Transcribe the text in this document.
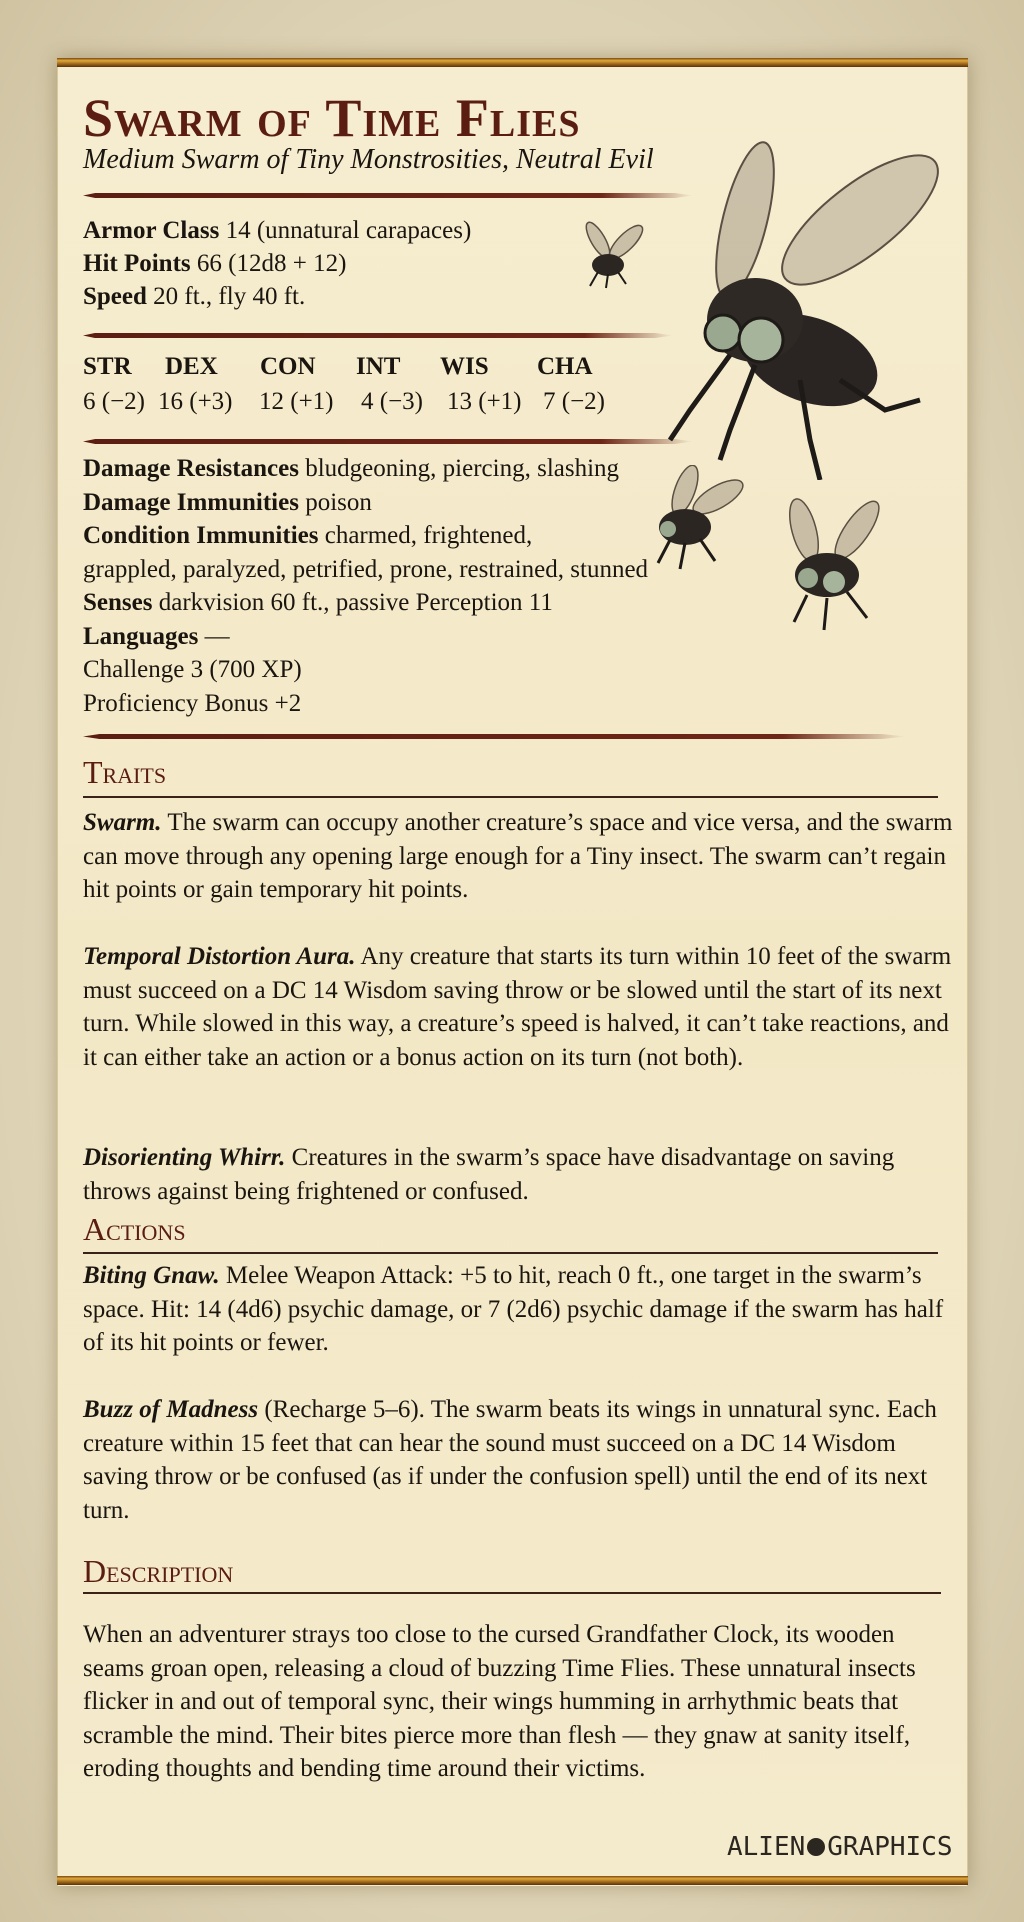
Swarm of Time Flies
Medium Swarm of Tiny Monstrosities, Neutral Evil
Armor Class 14 (unnatural carapaces)
Hit Points 66 (12d8 + 12)
Speed 20 ft., fly 40 ft.
STR DEX CON INT WIS CHA
6 (−2) 16 (+3) 12 (+1) 4 (−3) 13 (+1) 7 (−2)
Damage Resistances bludgeoning, piercing, slashing
Damage Immunities poison
Condition Immunities charmed, frightened,
grappled, paralyzed, petrified, prone, restrained, stunned
Senses darkvision 60 ft., passive Perception 11
Languages —
Challenge 3 (700 XP)
Proficiency Bonus +2
Traits
Swarm. The swarm can occupy another creature’s space and vice versa, and the swarm can move through any opening large enough for a Tiny insect. The swarm can’t regain hit points or gain temporary hit points.
Temporal Distortion Aura. Any creature that starts its turn within 10 feet of the swarm must succeed on a DC 14 Wisdom saving throw or be slowed until the start of its next turn. While slowed in this way, a creature’s speed is halved, it can’t take reactions, and it can either take an action or a bonus action on its turn (not both).
Disorienting Whirr. Creatures in the swarm’s space have disadvantage on saving throws against being frightened or confused.
Actions
Biting Gnaw. Melee Weapon Attack: +5 to hit, reach 0 ft., one target in the swarm’s space. Hit: 14 (4d6) psychic damage, or 7 (2d6) psychic damage if the swarm has half of its hit points or fewer.
Buzz of Madness (Recharge 5–6). The swarm beats its wings in unnatural sync. Each creature within 15 feet that can hear the sound must succeed on a DC 14 Wisdom saving throw or be confused (as if under the confusion spell) until the end of its next turn.
Description
When an adventurer strays too close to the cursed Grandfather Clock, its wooden seams groan open, releasing a cloud of buzzing Time Flies. These unnatural insects flicker in and out of temporal sync, their wings humming in arrhythmic beats that scramble the mind. Their bites pierce more than flesh — they gnaw at sanity itself, eroding thoughts and bending time around their victims.
ALIEN GRAPHICS
